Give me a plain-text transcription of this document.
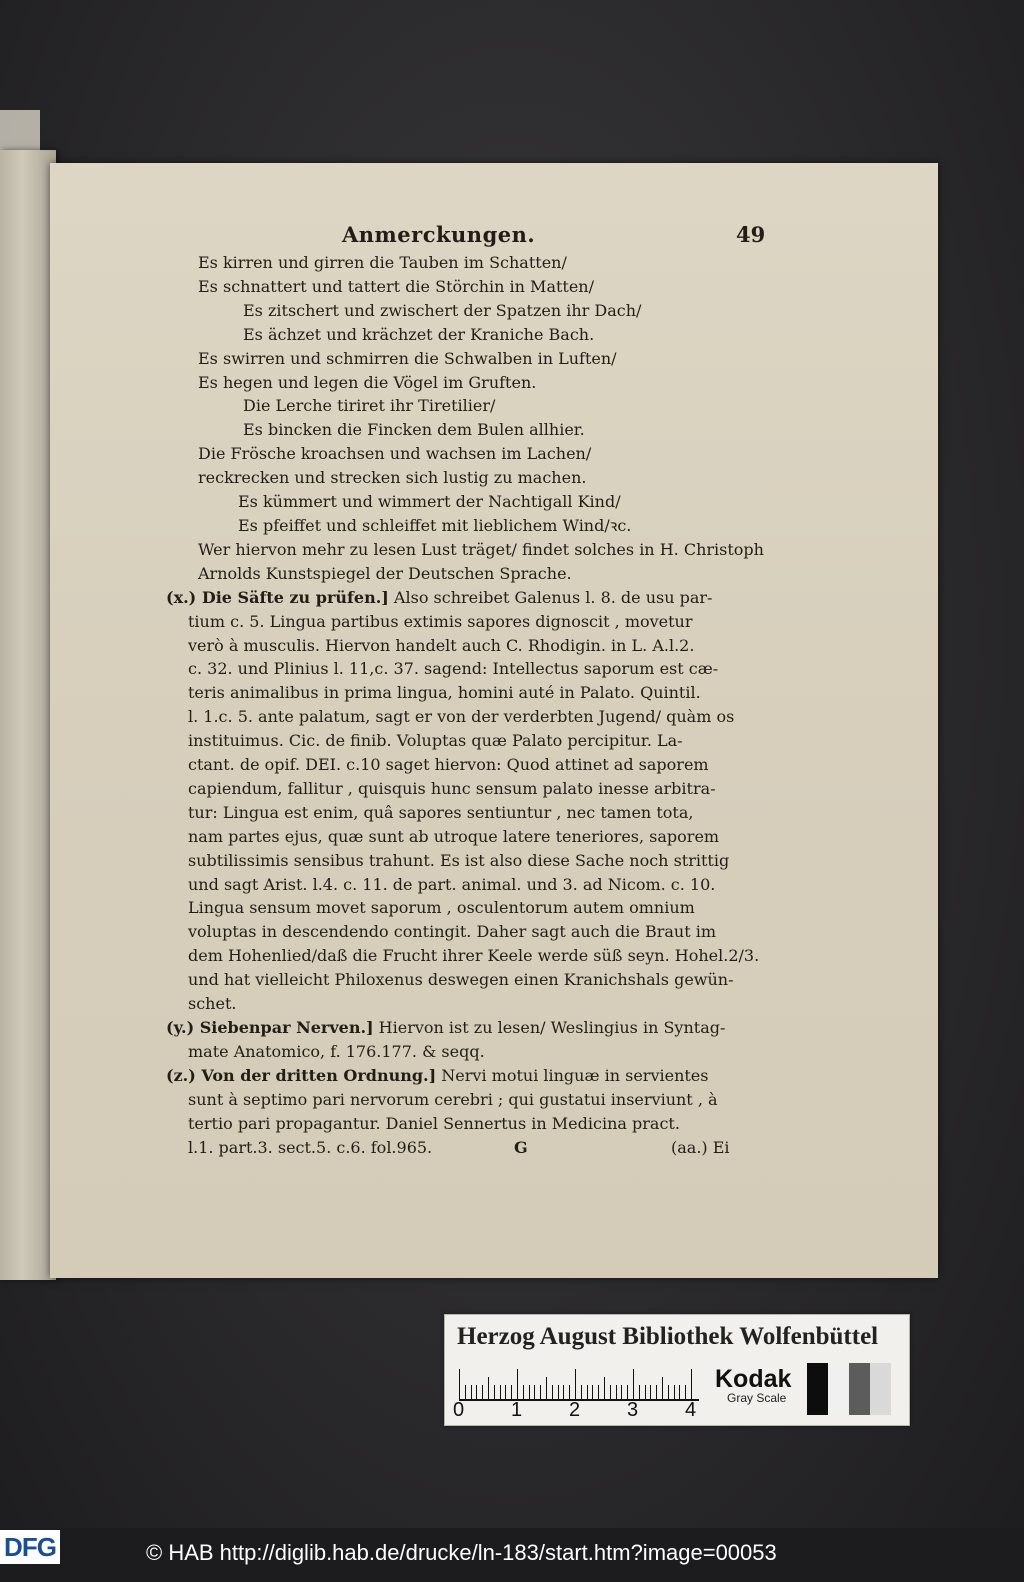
Anmerckungen.	49
Es kirren und girren die Tauben im Schatten/
Es schnattert und tattert die Störchin in Matten/
Es zitschert und zwischert der Spatzen ihr Dach/
Es ächzet und krächzet der Kraniche Bach.
Es swirren und schmirren die Schwalben in Luften/
Es hegen und legen die Vögel im Gruften.
Die Lerche tiriret ihr Tiretilier/
Es bincken die Fincken dem Bulen allhier.
Die Frösche kroachsen und wachsen im Lachen/
reckrecken und strecken sich lustig zu machen.
Es kümmert und wimmert der Nachtigall Kind/
Es pfeiffet und schleiffet mit lieblichem Wind/ꝛc.
Wer hiervon mehr zu lesen Lust träget/ findet solches in H. Christoph
Arnolds Kunstspiegel der Deutschen Sprache.
(x.) Die Säfte zu prüfen.] Also schreibet Galenus l. 8. de usu par-
tium c. 5. Lingua partibus extimis sapores dignoscit , movetur
verò à musculis. Hiervon handelt auch C. Rhodigin. in L. A.l.2.
c. 32. und Plinius l. 11,c. 37. sagend: Intellectus saporum est cæ-
teris animalibus in prima lingua, homini auté in Palato. Quintil.
l. 1.c. 5. ante palatum, sagt er von der verderbten Jugend/ quàm os
instituimus. Cic. de finib. Voluptas quæ Palato percipitur. La-
ctant. de opif. DEI. c.10 saget hiervon: Quod attinet ad saporem
capiendum, fallitur , quisquis hunc sensum palato inesse arbitra-
tur: Lingua est enim, quâ sapores sentiuntur , nec tamen tota,
nam partes ejus, quæ sunt ab utroque latere teneriores, saporem
subtilissimis sensibus trahunt. Es ist also diese Sache noch strittig
und sagt Arist. l.4. c. 11. de part. animal. und 3. ad Nicom. c. 10.
Lingua sensum movet saporum , osculentorum autem omnium
voluptas in descendendo contingit. Daher sagt auch die Braut im
dem Hohenlied/daß die Frucht ihrer Keele werde süß seyn. Hohel.2/3.
und hat vielleicht Philoxenus deswegen einen Kranichshals gewün-
schet.
(y.) Siebenpar Nerven.] Hiervon ist zu lesen/ Weslingius in Syntag-
mate Anatomico, f. 176.177. & seqq.
(z.) Von der dritten Ordnung.] Nervi motui linguæ in servientes
sunt à septimo pari nervorum cerebri ; qui gustatui inserviunt , à
tertio pari propagantur. Daniel Sennertus in Medicina pract.
l.1. part.3. sect.5. c.6. fol.965.	G	(aa.) Ei
Herzog August Bibliothek Wolfenbüttel
0 1 2 3 4
Kodak
Gray Scale
DFG	© HAB http://diglib.hab.de/drucke/ln-183/start.htm?image=00053
